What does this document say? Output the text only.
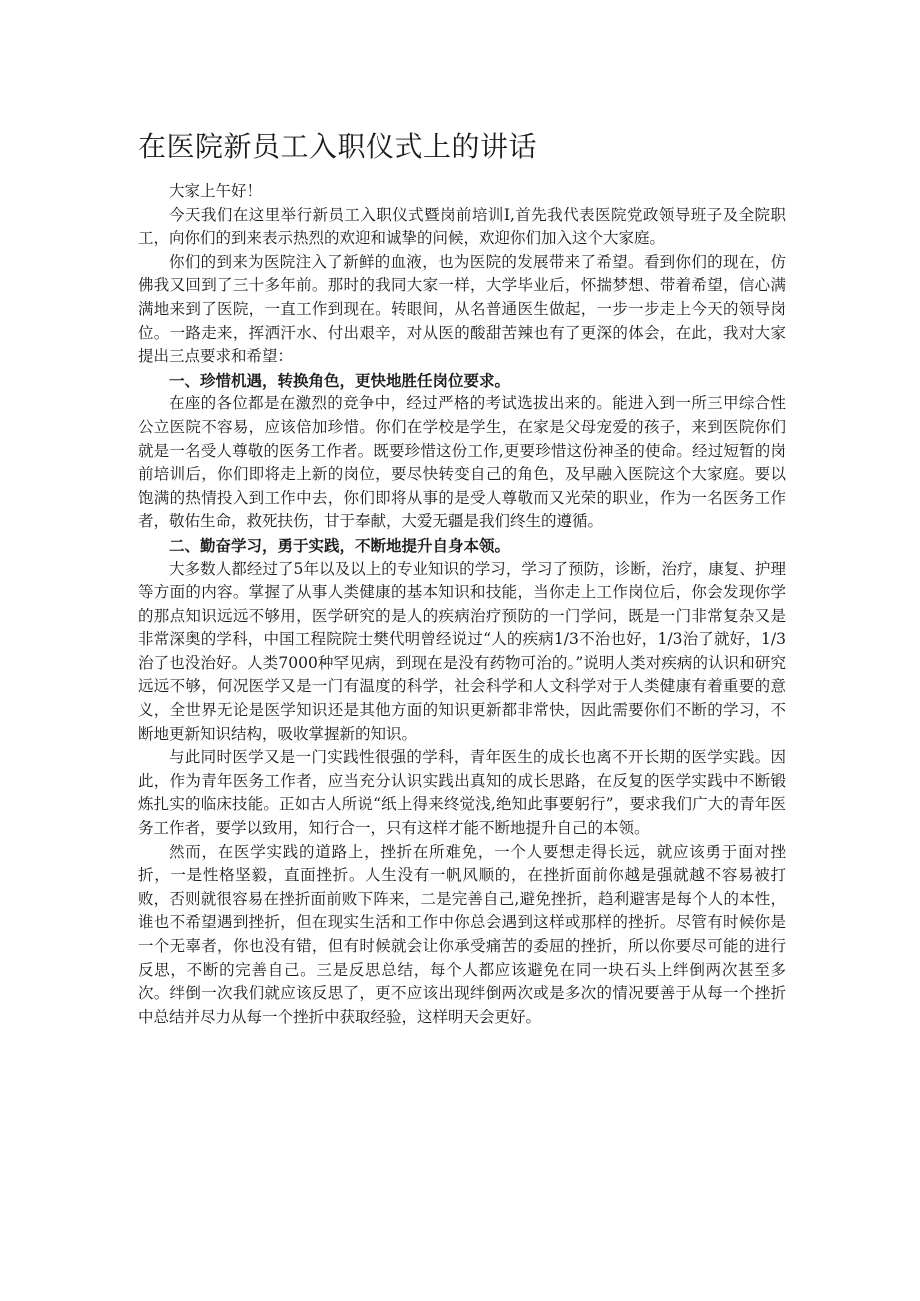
在医院新员工入职仪式上的讲话

大家上午好！

今天我们在这里举行新员工入职仪式暨岗前培训I,首先我代表医院党政领导班子及全院职工，向你们的到来表示热烈的欢迎和诚挚的问候，欢迎你们加入这个大家庭。

你们的到来为医院注入了新鲜的血液，也为医院的发展带来了希望。看到你们的现在，仿佛我又回到了三十多年前。那时的我同大家一样，大学毕业后，怀揣梦想、带着希望，信心满满地来到了医院，一直工作到现在。转眼间，从名普通医生做起，一步一步走上今天的领导岗位。一路走来，挥洒汗水、付出艰辛，对从医的酸甜苦辣也有了更深的体会，在此，我对大家提出三点要求和希望：

一、珍惜机遇，转换角色，更快地胜任岗位要求。

在座的各位都是在激烈的竞争中，经过严格的考试选拔出来的。能进入到一所三甲综合性公立医院不容易，应该倍加珍惜。你们在学校是学生，在家是父母宠爱的孩子，来到医院你们就是一名受人尊敬的医务工作者。既要珍惜这份工作,更要珍惜这份神圣的使命。经过短暂的岗前培训后，你们即将走上新的岗位，要尽快转变自己的角色，及早融入医院这个大家庭。要以饱满的热情投入到工作中去，你们即将从事的是受人尊敬而又光荣的职业，作为一名医务工作者，敬佑生命，救死扶伤，甘于奉献，大爱无疆是我们终生的遵循。

二、勤奋学习，勇于实践，不断地提升自身本领。

大多数人都经过了5年以及以上的专业知识的学习，学习了预防，诊断，治疗，康复、护理等方面的内容。掌握了从事人类健康的基本知识和技能，当你走上工作岗位后，你会发现你学的那点知识远远不够用，医学研究的是人的疾病治疗预防的一门学问，既是一门非常复杂又是非常深奥的学科，中国工程院院士樊代明曾经说过“人的疾病1/3不治也好，1/3治了就好，1/3治了也没治好。人类7000种罕见病，到现在是没有药物可治的。”说明人类对疾病的认识和研究远远不够，何况医学又是一门有温度的科学，社会科学和人文科学对于人类健康有着重要的意义，全世界无论是医学知识还是其他方面的知识更新都非常快，因此需要你们不断的学习，不断地更新知识结构，吸收掌握新的知识。

与此同时医学又是一门实践性很强的学科，青年医生的成长也离不开长期的医学实践。因此，作为青年医务工作者，应当充分认识实践出真知的成长思路，在反复的医学实践中不断锻炼扎实的临床技能。正如古人所说“纸上得来终觉浅,绝知此事要躬行”，要求我们广大的青年医务工作者，要学以致用，知行合一，只有这样才能不断地提升自己的本领。

然而，在医学实践的道路上，挫折在所难免，一个人要想走得长远，就应该勇于面对挫折，一是性格坚毅，直面挫折。人生没有一帆风顺的，在挫折面前你越是强就越不容易被打败，否则就很容易在挫折面前败下阵来，二是完善自己,避免挫折，趋利避害是每个人的本性，谁也不希望遇到挫折，但在现实生活和工作中你总会遇到这样或那样的挫折。尽管有时候你是一个无辜者，你也没有错，但有时候就会让你承受痛苦的委屈的挫折，所以你要尽可能的进行反思，不断的完善自己。三是反思总结，每个人都应该避免在同一块石头上绊倒两次甚至多次。绊倒一次我们就应该反思了，更不应该出现绊倒两次或是多次的情况要善于从每一个挫折中总结并尽力从每一个挫折中获取经验，这样明天会更好。
